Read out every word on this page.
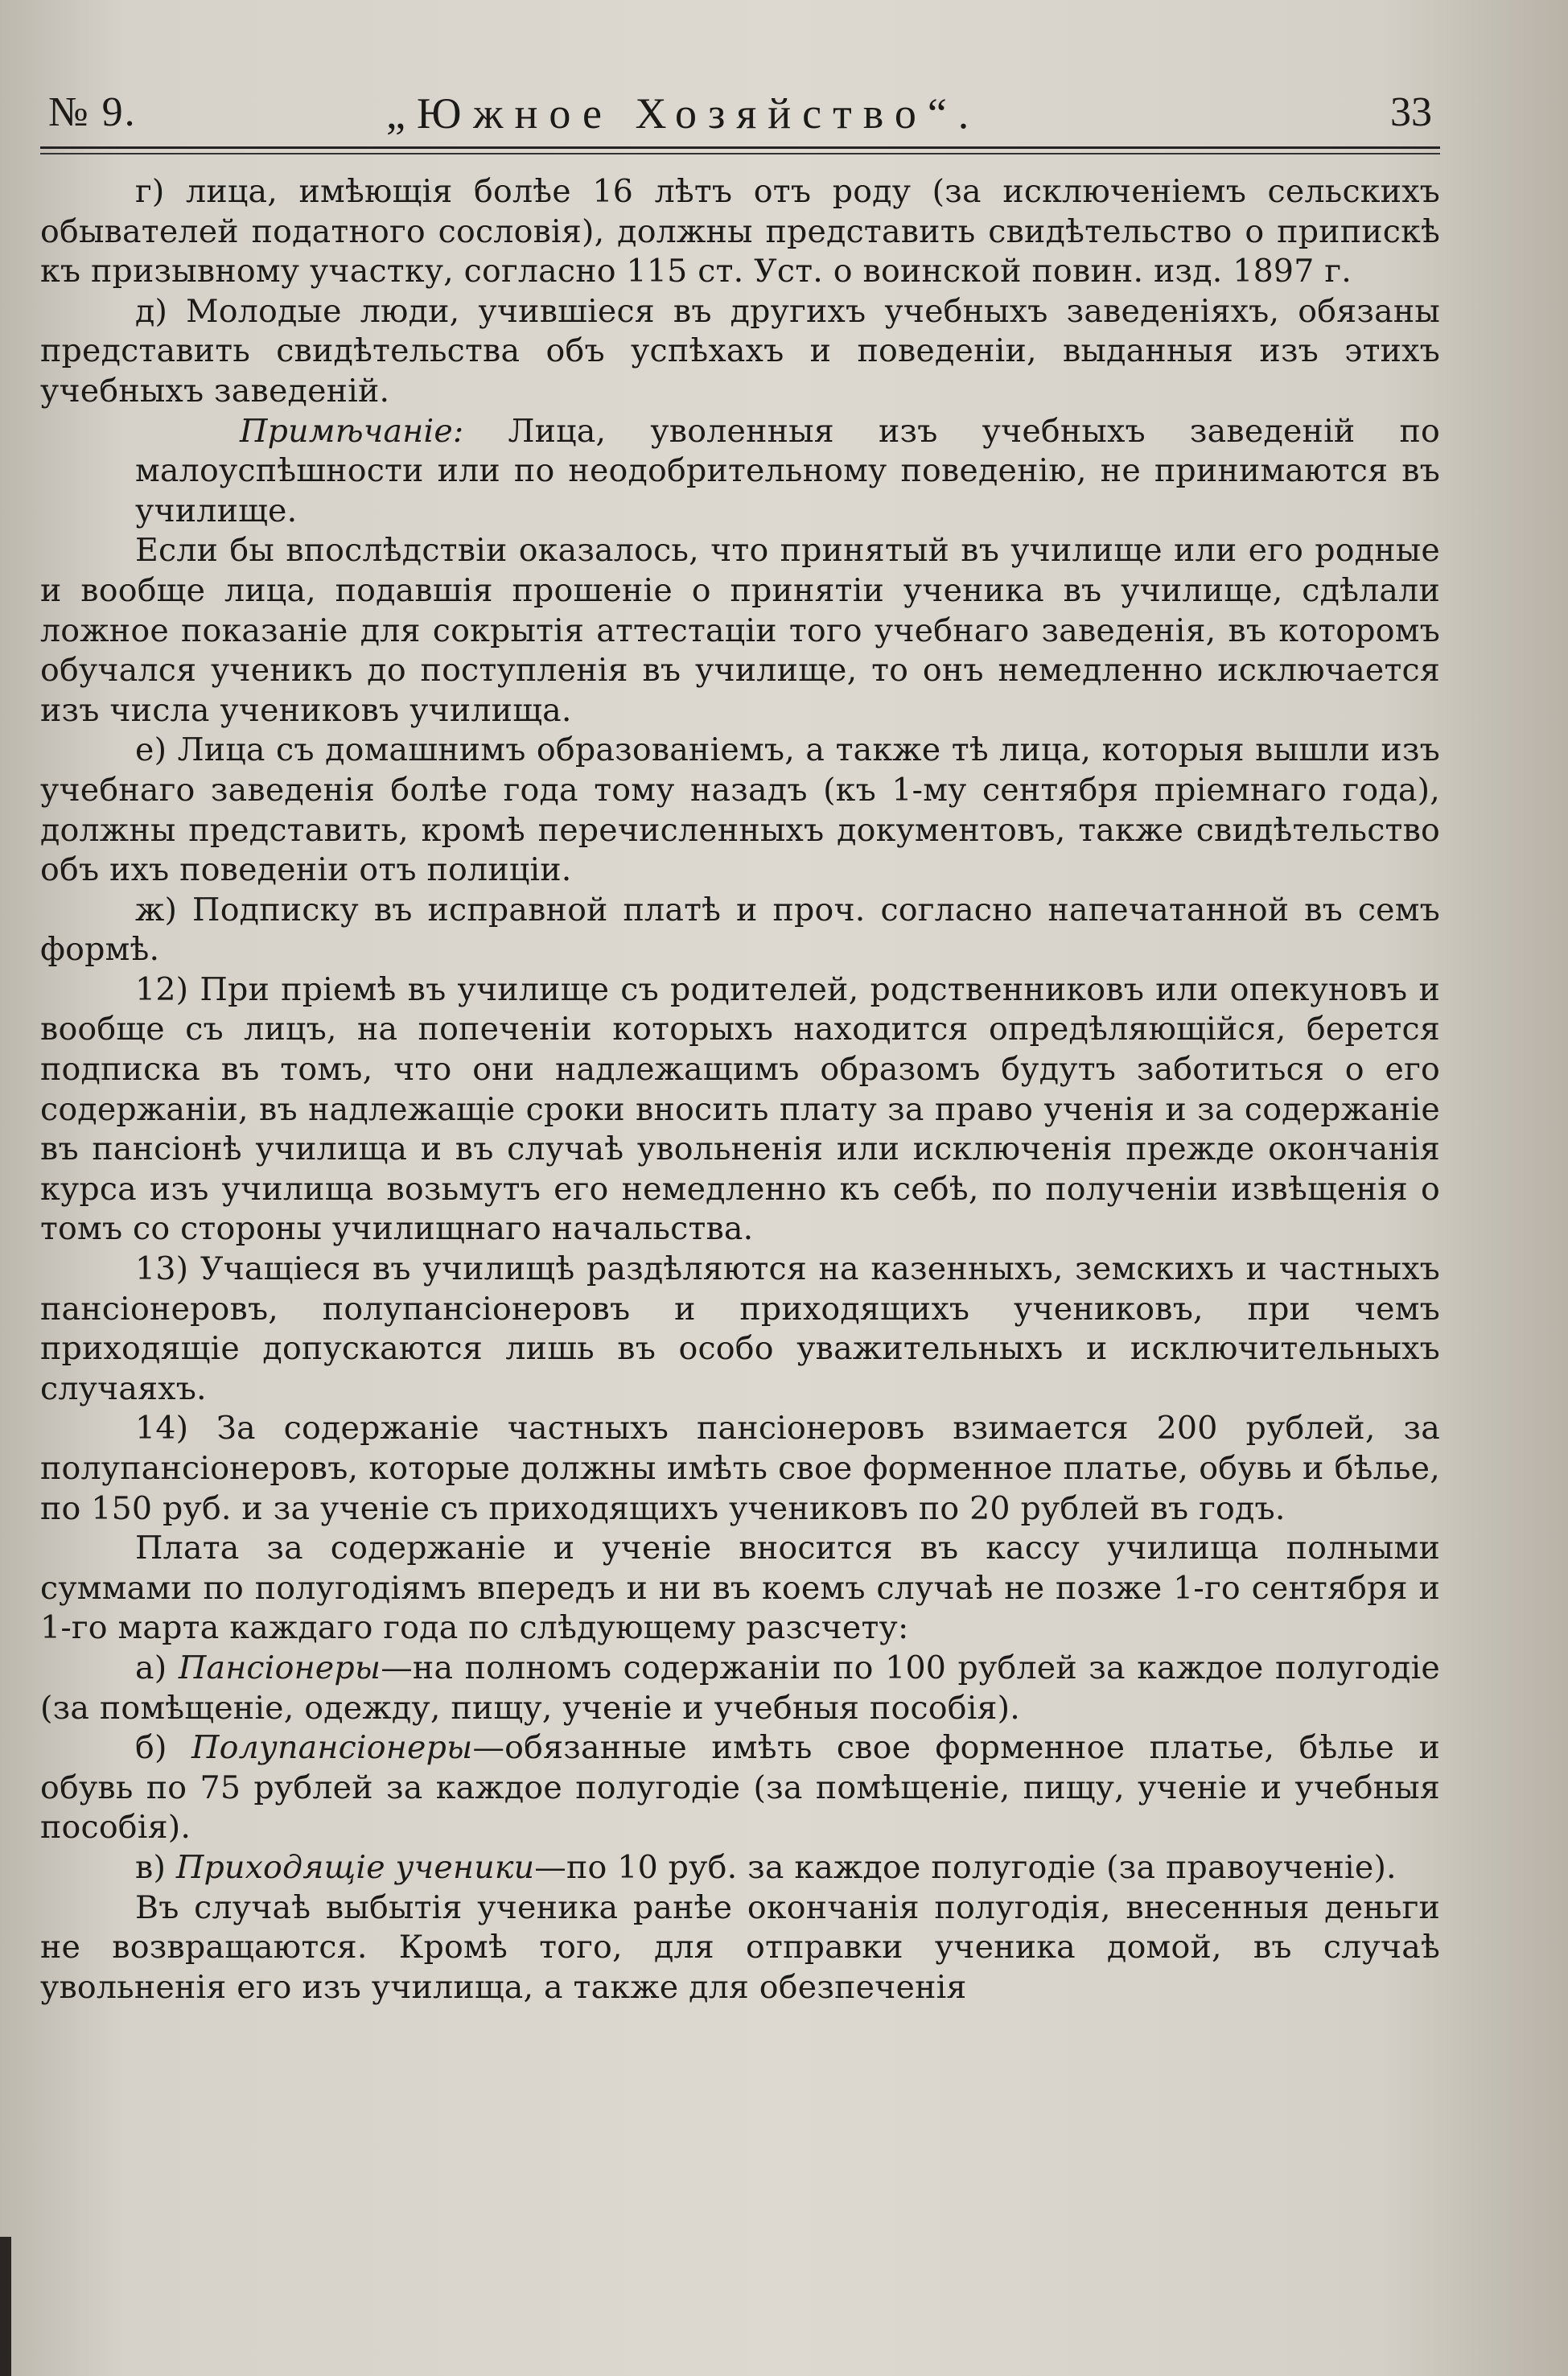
№ 9.	„Южное Хозяйство“.	33

г) лица, имѣющія болѣе 16 лѣтъ отъ роду (за исключеніемъ сельскихъ обывателей податного сословія), должны представить свидѣтельство о припискѣ къ призывному участку, согласно 115 ст. Уст. о воинской повин. изд. 1897 г.

д) Молодые люди, учившіеся въ другихъ учебныхъ заведеніяхъ, обязаны представить свидѣтельства объ успѣхахъ и поведеніи, выданныя изъ этихъ учебныхъ заведеній.

Примѣчаніе: Лица, уволенныя изъ учебныхъ заведеній по малоуспѣшности или по неодобрительному поведенію, не принимаются въ училище.

Если бы впослѣдствіи оказалось, что принятый въ училище или его родные и вообще лица, подавшія прошеніе о принятіи ученика въ училище, сдѣлали ложное показаніе для сокрытія аттестаціи того учебнаго заведенія, въ которомъ обучался ученикъ до поступленія въ училище, то онъ немедленно исключается изъ числа учениковъ училища.

е) Лица съ домашнимъ образованіемъ, а также тѣ лица, которыя вышли изъ учебнаго заведенія болѣе года тому назадъ (къ 1-му сентября пріемнаго года), должны представить, кромѣ перечисленныхъ документовъ, также свидѣтельство объ ихъ поведеніи отъ полиціи.

ж) Подписку въ исправной платѣ и проч. согласно напечатанной въ семъ формѣ.

12) При пріемѣ въ училище съ родителей, родственниковъ или опекуновъ и вообще съ лицъ, на попеченіи которыхъ находится опредѣляющійся, берется подписка въ томъ, что они надлежащимъ образомъ будутъ заботиться о его содержаніи, въ надлежащіе сроки вносить плату за право ученія и за содержаніе въ пансіонѣ училища и въ случаѣ увольненія или исключенія прежде окончанія курса изъ училища возьмутъ его немедленно къ себѣ, по полученіи извѣщенія о томъ со стороны училищнаго начальства.

13) Учащіеся въ училищѣ раздѣляются на казенныхъ, земскихъ и частныхъ пансіонеровъ, полупансіонеровъ и приходящихъ учениковъ, при чемъ приходящіе допускаются лишь въ особо уважительныхъ и исключительныхъ случаяхъ.

14) За содержаніе частныхъ пансіонеровъ взимается 200 рублей, за полупансіонеровъ, которые должны имѣть свое форменное платье, обувь и бѣлье, по 150 руб. и за ученіе съ приходящихъ учениковъ по 20 рублей въ годъ.

Плата за содержаніе и ученіе вносится въ кассу училища полными суммами по полугодіямъ впередъ и ни въ коемъ случаѣ не позже 1-го сентября и 1-го марта каждаго года по слѣдующему разсчету:

а) Пансіонеры—на полномъ содержаніи по 100 рублей за каждое полугодіе (за помѣщеніе, одежду, пищу, ученіе и учебныя пособія).

б) Полупансіонеры—обязанные имѣть свое форменное платье, бѣлье и обувь по 75 рублей за каждое полугодіе (за помѣщеніе, пищу, ученіе и учебныя пособія).

в) Приходящіе ученики—по 10 руб. за каждое полугодіе (за правоученіе).

Въ случаѣ выбытія ученика ранѣе окончанія полугодія, внесенныя деньги не возвращаются. Кромѣ того, для отправки ученика домой, въ случаѣ увольненія его изъ училища, а также для обезпеченія
